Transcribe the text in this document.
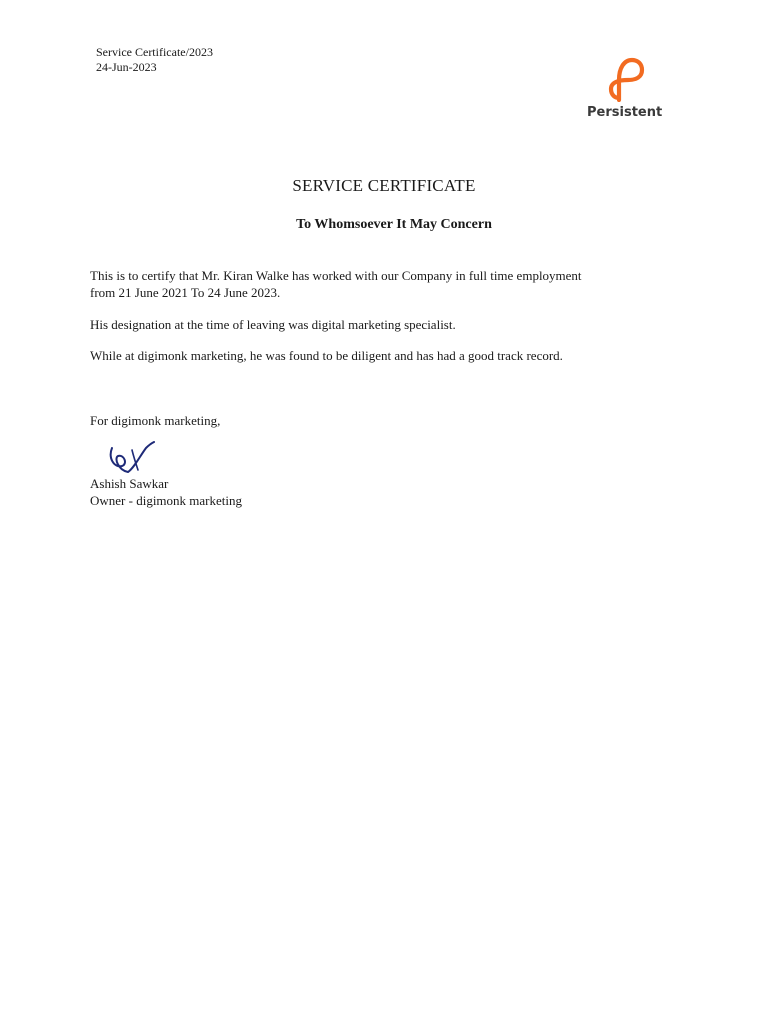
Service Certificate/2023
24-Jun-2023
Persistent
SERVICE CERTIFICATE
To Whomsoever It May Concern
This is to certify that Mr. Kiran Walke has worked with our Company in full time employment
from 21 June 2021 To 24 June 2023.
His designation at the time of leaving was digital marketing specialist.
While at digimonk marketing, he was found to be diligent and has had a good track record.
For digimonk marketing,
Ashish Sawkar
Owner - digimonk marketing
